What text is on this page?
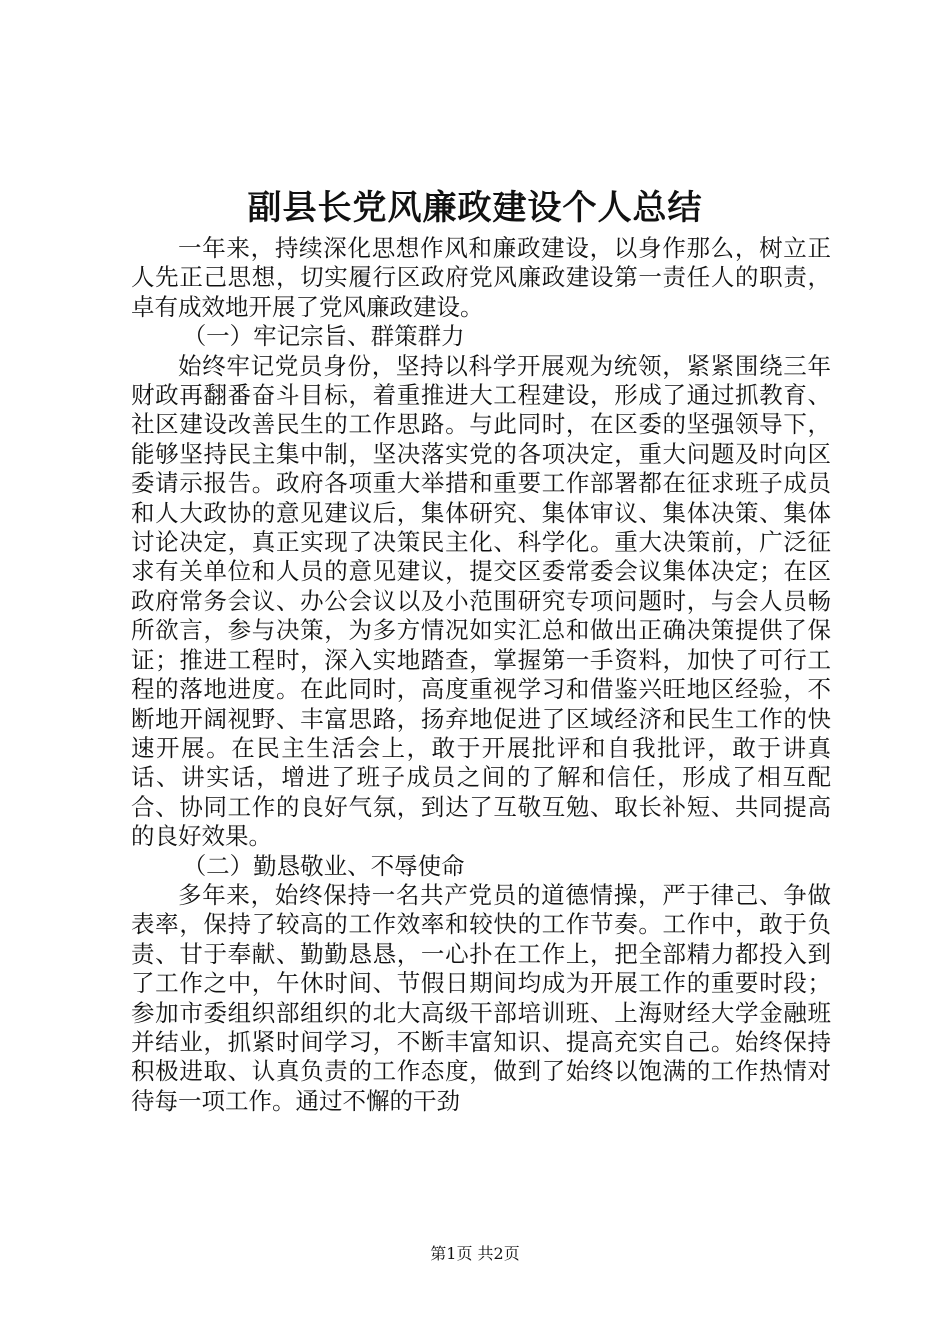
副县长党风廉政建设个人总结

一年来，持续深化思想作风和廉政建设，以身作那么，树立正人先正己思想，切实履行区政府党风廉政建设第一责任人的职责，卓有成效地开展了党风廉政建设。

（一）牢记宗旨、群策群力

始终牢记党员身份，坚持以科学开展观为统领，紧紧围绕三年财政再翻番奋斗目标，着重推进大工程建设，形成了通过抓教育、社区建设改善民生的工作思路。与此同时，在区委的坚强领导下，能够坚持民主集中制，坚决落实党的各项决定，重大问题及时向区委请示报告。政府各项重大举措和重要工作部署都在征求班子成员和人大政协的意见建议后，集体研究、集体审议、集体决策、集体讨论决定，真正实现了决策民主化、科学化。重大决策前，广泛征求有关单位和人员的意见建议，提交区委常委会议集体决定；在区政府常务会议、办公会议以及小范围研究专项问题时，与会人员畅所欲言，参与决策，为多方情况如实汇总和做出正确决策提供了保证；推进工程时，深入实地踏查，掌握第一手资料，加快了可行工程的落地进度。在此同时，高度重视学习和借鉴兴旺地区经验，不断地开阔视野、丰富思路，扬弃地促进了区域经济和民生工作的快速开展。在民主生活会上，敢于开展批评和自我批评，敢于讲真话、讲实话，增进了班子成员之间的了解和信任，形成了相互配合、协同工作的良好气氛，到达了互敬互勉、取长补短、共同提高的良好效果。

（二）勤恳敬业、不辱使命

多年来，始终保持一名共产党员的道德情操，严于律己、争做表率，保持了较高的工作效率和较快的工作节奏。工作中，敢于负责、甘于奉献、勤勤恳恳，一心扑在工作上，把全部精力都投入到了工作之中，午休时间、节假日期间均成为开展工作的重要时段；参加市委组织部组织的北大高级干部培训班、上海财经大学金融班并结业，抓紧时间学习，不断丰富知识、提高充实自己。始终保持积极进取、认真负责的工作态度，做到了始终以饱满的工作热情对待每一项工作。通过不懈的干劲

第1页 共2页
